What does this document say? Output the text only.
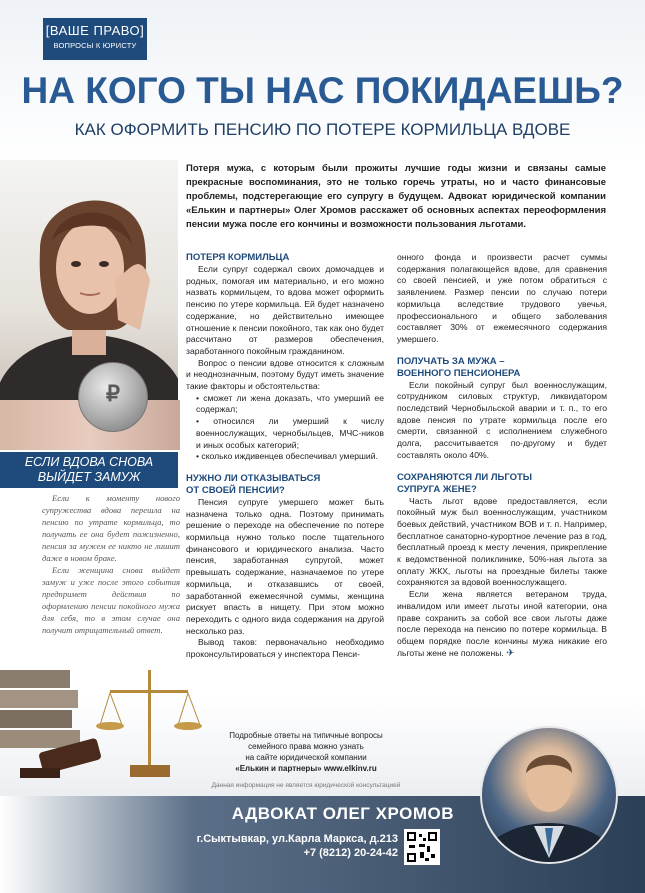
[ВАШЕ ПРАВО]
ВОПРОСЫ К ЮРИСТУ
НА КОГО ТЫ НАС ПОКИДАЕШЬ?
КАК ОФОРМИТЬ ПЕНСИЮ ПО ПОТЕРЕ КОРМИЛЬЦА ВДОВЕ
₽
ЕСЛИ ВДОВА СНОВА
ВЫЙДЕТ ЗАМУЖ

Если к моменту нового супружества вдова перешла на пенсию по утрате кормильца, то получать ее она будет пожизненно, пенсия за мужем ее никто не лишит даже в новом браке.

Если женщина снова выйдет замуж и уже после этого события предпримет действия по оформлению пенсии покойного мужа для себя, то в этом случае она получит отрицательный ответ.

Потеря мужа, с которым были прожиты лучшие годы жизни и связаны самые прекрасные воспоминания, это не только горечь утраты, но и часто финансовые проблемы, подстерегающие его супругу в будущем. Адвокат юридической компании «Елькин и партнеры» Олег Хромов расскажет об основных аспектах переоформления пенсии мужа после его кончины и возможности пользования льготами.

ПОТЕРЯ КОРМИЛЬЦА

Если супруг содержал своих домочадцев и родных, помогая им материально, и его можно назвать кормильцем, то вдова может оформить пенсию по утере кормильца. Ей будет назначено содержание, но действительно имеющее отношение к пенсии покойного, так как оно будет рассчитано от размеров обеспечения, заработанного покойным гражданином.

Вопрос о пенсии вдове относится к сложным и неоднозначным, поэтому будут иметь значение такие факторы и обстоятельства:

• сможет ли жена доказать, что умерший ее содержал;
• относился ли умерший к числу военнослужащих, чернобыльцев, МЧС-ников и иных особых категорий;
• сколько иждивенцев обеспечивал умерший.

НУЖНО ЛИ ОТКАЗЫВАТЬСЯ
ОТ СВОЕЙ ПЕНСИИ?

Пенсия супруге умершего может быть назначена только одна. Поэтому принимать решение о переходе на обеспечение по потере кормильца нужно только после тщательного финансового и юридического анализа. Часто пенсия, заработанная супругой, может превышать содержание, назначаемое по утере кормильца, и отказавшись от своей, заработанной ежемесячной суммы, женщина рискует впасть в нищету. При этом можно переходить с одного вида содержания на другой несколько раз.

Вывод таков: первоначально необходимо проконсультироваться у инспектора Пенси-

онного фонда и произвести расчет суммы содержания полагающейся вдове, для сравнения со своей пенсией, и уже потом обратиться с заявлением. Размер пенсии по случаю потери кормильца вследствие трудового увечья, профессионального и общего заболевания составляет 30% от ежемесячного содержания умершего.

ПОЛУЧАТЬ ЗА МУЖА –
ВОЕННОГО ПЕНСИОНЕРА

Если покойный супруг был военнослужащим, сотрудником силовых структур, ликвидатором последствий Чернобыльской аварии и т. п., то его вдове пенсия по утрате кормильца после его смерти, связанной с исполнением служебного долга, рассчитывается по-другому и будет составлять около 40%.

СОХРАНЯЮТСЯ ЛИ ЛЬГОТЫ
СУПРУГА ЖЕНЕ?

Часть льгот вдове предоставляется, если покойный муж был военнослужащим, участником боевых действий, участником ВОВ и т. п. Например, бесплатное санаторно-курортное лечение раз в год, бесплатный проезд к месту лечения, прикрепление к ведомственной поликлинике, 50%-ная льгота за оплату ЖКХ, льготы на проездные билеты также сохраняются за вдовой военнослужащего.

Если жена является ветераном труда, инвалидом или имеет льготы иной категории, она праве сохранить за собой все свои льготы даже после перехода на пенсию по потере кормильца. В общем порядке после кончины мужа никакие его льготы жене не положены. ✈

Подробные ответы на типичные вопросы
семейного права можно узнать
на сайте юридической компании
«Елькин и партнеры» www.elkinv.ru
Данная информация не является юридической консультацией
АДВОКАТ ОЛЕГ ХРОМОВ
г.Сыктывкар, ул.Карла Маркса, д.213
+7 (8212) 20-24-42
